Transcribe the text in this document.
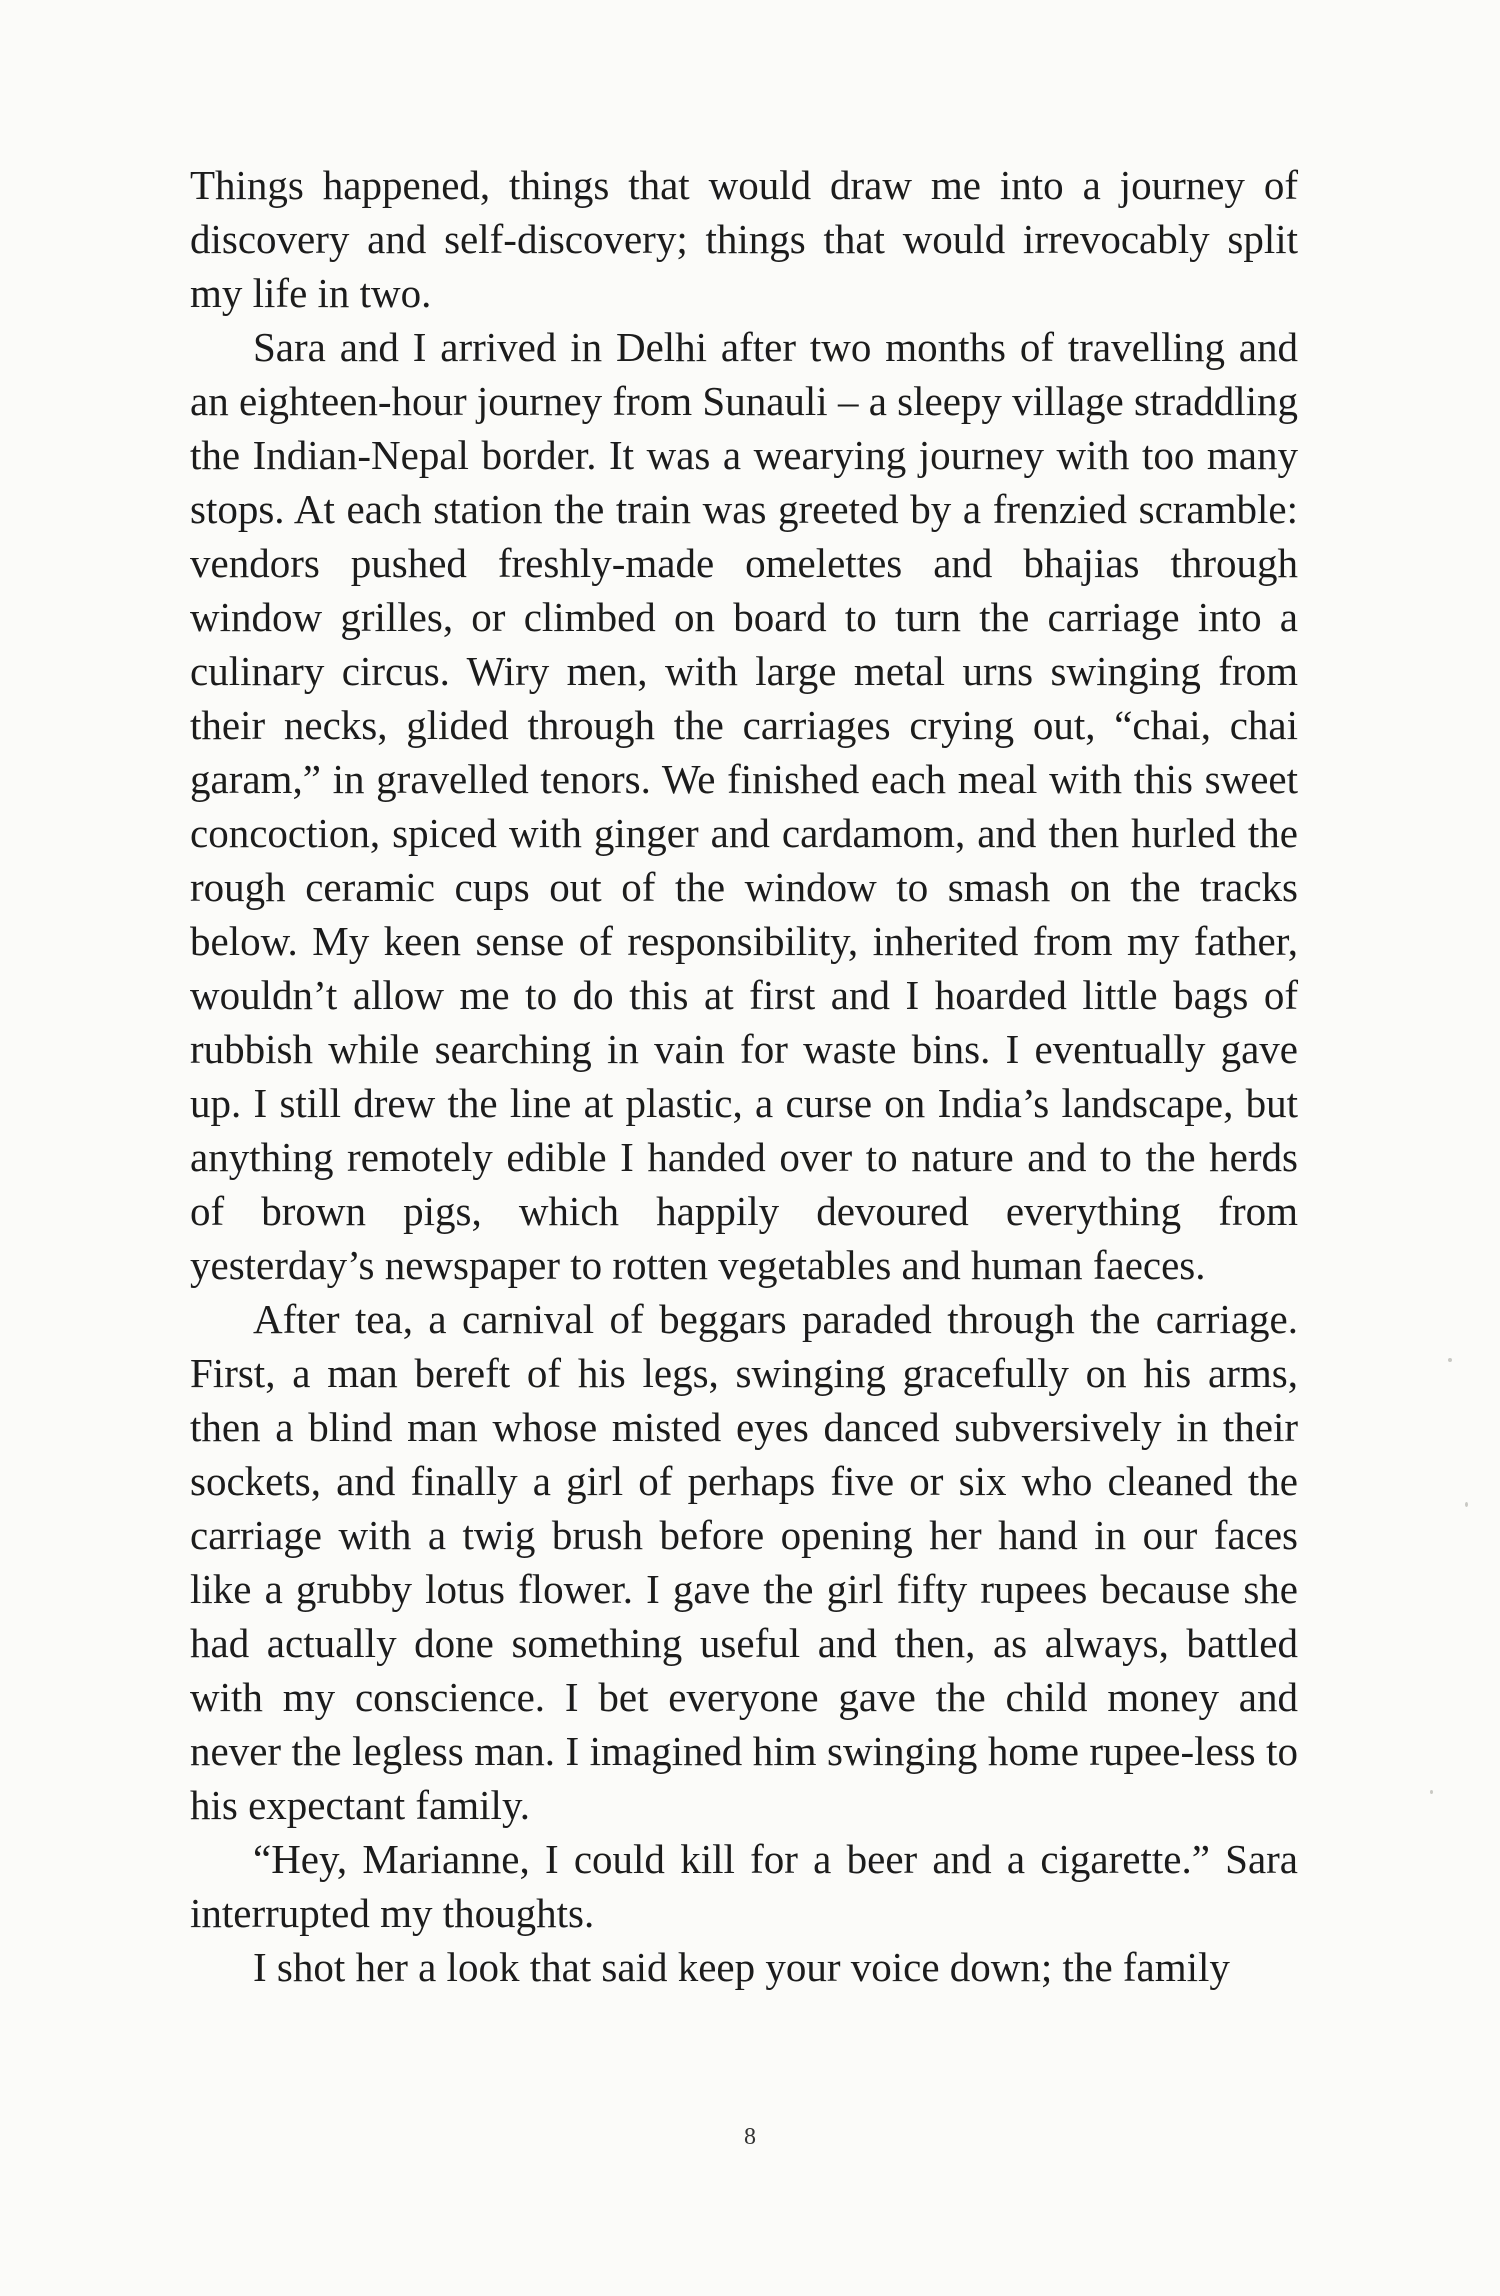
Things happened, things that would draw me into a journey of discovery and self-discovery; things that would irrevocably split my life in two.

Sara and I arrived in Delhi after two months of travelling and an eighteen-hour journey from Sunauli – a sleepy village straddling the Indian-Nepal border. It was a wearying journey with too many stops. At each station the train was greeted by a frenzied scramble: vendors pushed freshly-made omelettes and bhajias through window grilles, or climbed on board to turn the carriage into a culinary circus. Wiry men, with large metal urns swinging from their necks, glided through the carriages crying out, “chai, chai garam,” in gravelled tenors. We finished each meal with this sweet concoction, spiced with ginger and cardamom, and then hurled the rough ceramic cups out of the window to smash on the tracks below. My keen sense of responsibility, inherited from my father, wouldn’t allow me to do this at first and I hoarded little bags of rubbish while searching in vain for waste bins. I eventually gave up. I still drew the line at plastic, a curse on India’s landscape, but anything remotely edible I handed over to nature and to the herds of brown pigs, which happily devoured everything from yesterday’s newspaper to rotten vegetables and human faeces.

After tea, a carnival of beggars paraded through the carriage. First, a man bereft of his legs, swinging gracefully on his arms, then a blind man whose misted eyes danced subversively in their sockets, and finally a girl of perhaps five or six who cleaned the carriage with a twig brush before opening her hand in our faces like a grubby lotus flower. I gave the girl fifty rupees because she had actually done something useful and then, as always, battled with my conscience. I bet everyone gave the child money and never the legless man. I imagined him swinging home rupee-less to his expectant family.

“Hey, Marianne, I could kill for a beer and a cigarette.” Sara interrupted my thoughts.

I shot her a look that said keep your voice down; the family

8
